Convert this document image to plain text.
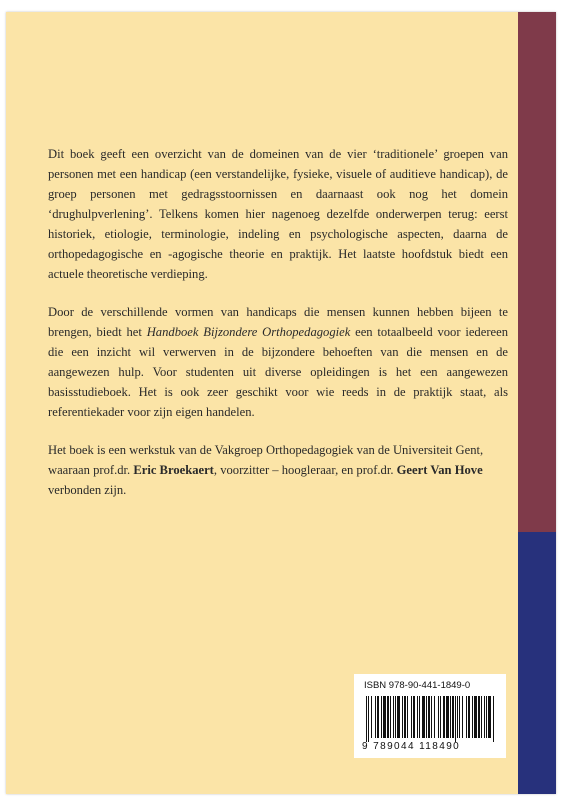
Dit boek geeft een overzicht van de domeinen van de vier ‘traditionele’ groepen van personen met een handicap (een verstandelijke, fysieke, visuele of auditieve handicap), de groep personen met gedragsstoornissen en daarnaast ook nog het domein ‘drughulpverlening’. Telkens komen hier nagenoeg dezelfde onderwerpen terug: eerst historiek, etiologie, terminologie, indeling en psychologische aspecten, daarna de orthopedagogische en -agogische theorie en praktijk. Het laatste hoofdstuk biedt een actuele theoretische verdieping.

Door de verschillende vormen van handicaps die mensen kunnen hebben bijeen te brengen, biedt het Handboek Bijzondere Orthopedagogiek een totaalbeeld voor iedereen die een inzicht wil verwerven in de bijzondere behoeften van die mensen en de aangewezen hulp. Voor studenten uit diverse opleidingen is het een aangewezen basisstudieboek. Het is ook zeer geschikt voor wie reeds in de praktijk staat, als referentiekader voor zijn eigen handelen.

Het boek is een werkstuk van de Vakgroep Orthopedagogiek van de Universiteit Gent, waaraan prof.dr. Eric Broekaert, voorzitter – hoogleraar, en prof.dr. Geert Van Hove verbonden zijn.

ISBN 978-90-441-1849-0
9 789044 118490
